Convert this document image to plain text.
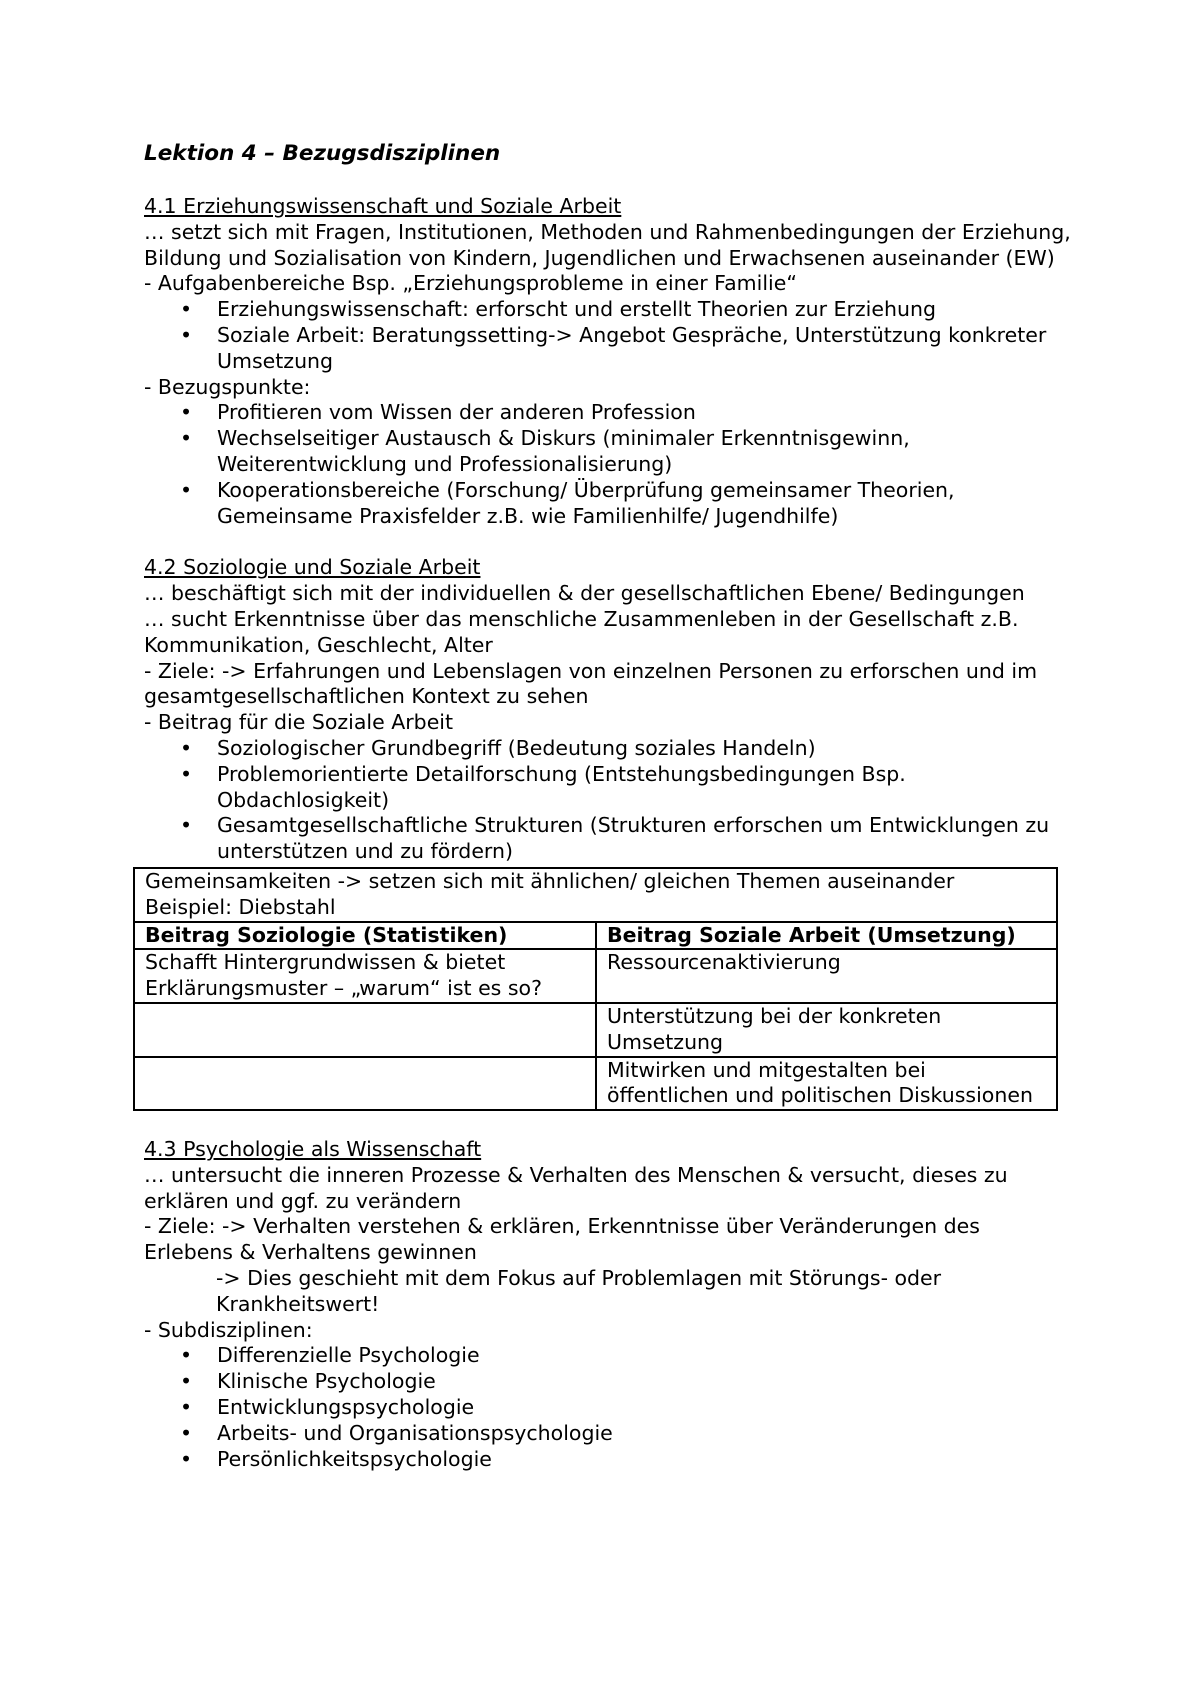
Lektion 4 – Bezugsdisziplinen

4.1 Erziehungswissenschaft und Soziale Arbeit

… setzt sich mit Fragen, Institutionen, Methoden und Rahmenbedingungen der Erziehung, Bildung und Sozialisation von Kindern, Jugendlichen und Erwachsenen auseinander (EW)

- Aufgabenbereiche Bsp. „Erziehungsprobleme in einer Familie“

• Erziehungswissenschaft: erforscht und erstellt Theorien zur Erziehung
• Soziale Arbeit: Beratungssetting-> Angebot Gespräche, Unterstützung konkreter Umsetzung

- Bezugspunkte:

• Profitieren vom Wissen der anderen Profession
• Wechselseitiger Austausch & Diskurs (minimaler Erkenntnisgewinn, Weiterentwicklung und Professionalisierung)
• Kooperationsbereiche (Forschung/ Überprüfung gemeinsamer Theorien, Gemeinsame Praxisfelder z.B. wie Familienhilfe/ Jugendhilfe)

4.2 Soziologie und Soziale Arbeit

… beschäftigt sich mit der individuellen & der gesellschaftlichen Ebene/ Bedingungen

… sucht Erkenntnisse über das menschliche Zusammenleben in der Gesellschaft z.B. Kommunikation, Geschlecht, Alter

- Ziele: -> Erfahrungen und Lebenslagen von einzelnen Personen zu erforschen und im gesamtgesellschaftlichen Kontext zu sehen

- Beitrag für die Soziale Arbeit

• Soziologischer Grundbegriff (Bedeutung soziales Handeln)
• Problemorientierte Detailforschung (Entstehungsbedingungen Bsp. Obdachlosigkeit)
• Gesamtgesellschaftliche Strukturen (Strukturen erforschen um Entwicklungen zu unterstützen und zu fördern)
Gemeinsamkeiten -> setzen sich mit ähnlichen/ gleichen Themen auseinander Beispiel: Diebstahl	
Beitrag Soziologie (Statistiken)	Beitrag Soziale Arbeit (Umsetzung)
Schafft Hintergrundwissen & bietet Erklärungsmuster – „warum“ ist es so?	Ressourcenaktivierung
	Unterstützung bei der konkreten Umsetzung
	Mitwirken und mitgestalten bei öffentlichen und politischen Diskussionen

4.3 Psychologie als Wissenschaft

… untersucht die inneren Prozesse & Verhalten des Menschen & versucht, dieses zu erklären und ggf. zu verändern

- Ziele: -> Verhalten verstehen & erklären, Erkenntnisse über Veränderungen des Erlebens & Verhaltens gewinnen

-> Dies geschieht mit dem Fokus auf Problemlagen mit Störungs- oder Krankheitswert!

- Subdisziplinen:

• Differenzielle Psychologie
• Klinische Psychologie
• Entwicklungspsychologie
• Arbeits- und Organisationspsychologie
• Persönlichkeitspsychologie
